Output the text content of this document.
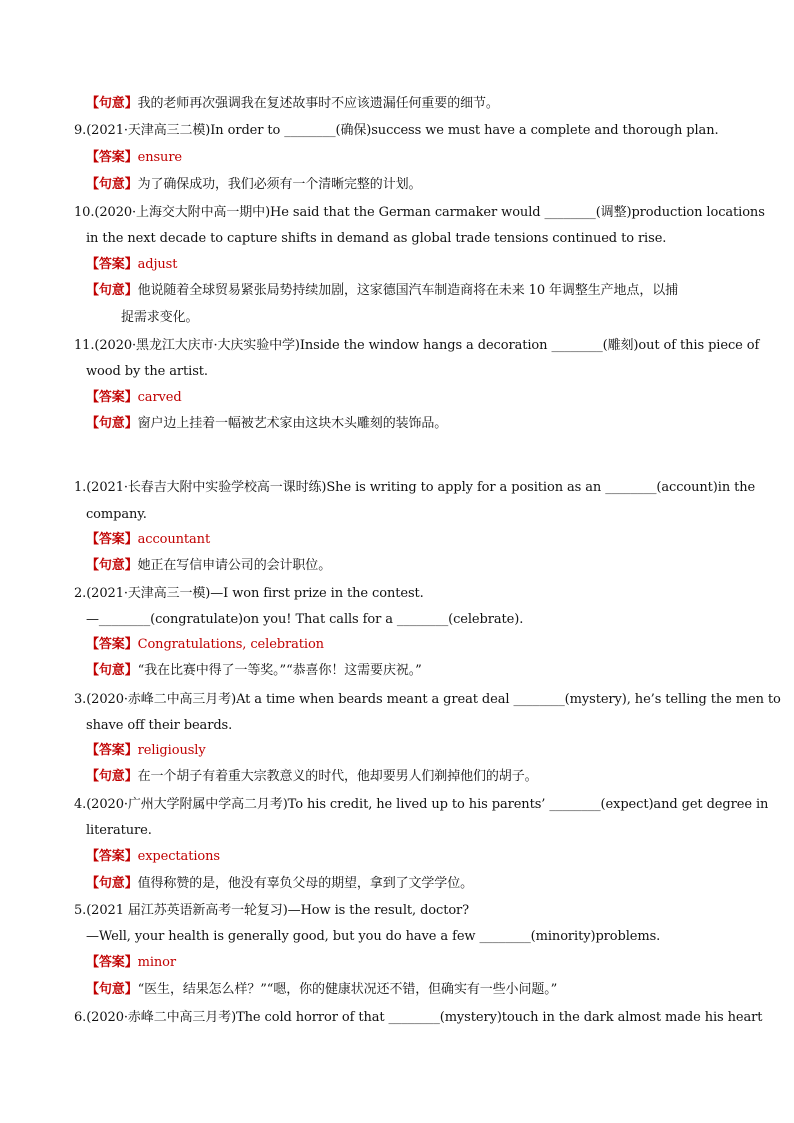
【句意】我的老师再次强调我在复述故事时不应该遗漏任何重要的细节。
9.(2021·天津高三二模)In order to ________(确保)success we must have a complete and thorough plan.
【答案】ensure
【句意】为了确保成功，我们必须有一个清晰完整的计划。
10.(2020·上海交大附中高一期中)He said that the German carmaker would ________(调整)production locations
in the next decade to capture shifts in demand as global trade tensions continued to rise.
【答案】adjust
【句意】他说随着全球贸易紧张局势持续加剧，这家德国汽车制造商将在未来 10 年调整生产地点，以捕
捉需求变化。
11.(2020·黑龙江大庆市·大庆实验中学)Inside the window hangs a decoration ________(雕刻)out of this piece of
wood by the artist.
【答案】carved
【句意】窗户边上挂着一幅被艺术家由这块木头雕刻的装饰品。
1.(2021·长春吉大附中实验学校高一课时练)She is writing to apply for a position as an ________(account)in the
company.
【答案】accountant
【句意】她正在写信申请公司的会计职位。
2.(2021·天津高三一模)—I won first prize in the contest.
—________(congratulate)on you! That calls for a ________(celebrate).
【答案】Congratulations, celebration
【句意】“我在比赛中得了一等奖。”“恭喜你！这需要庆祝。”
3.(2020·赤峰二中高三月考)At a time when beards meant a great deal ________(mystery), he’s telling the men to
shave off their beards.
【答案】religiously
【句意】在一个胡子有着重大宗教意义的时代，他却要男人们剃掉他们的胡子。
4.(2020·广州大学附属中学高二月考)To his credit, he lived up to his parents’ ________(expect)and get degree in
literature.
【答案】expectations
【句意】值得称赞的是，他没有辜负父母的期望，拿到了文学学位。
5.(2021 届江苏英语新高考一轮复习)—How is the result, doctor?
—Well, your health is generally good, but you do have a few ________(minority)problems.
【答案】minor
【句意】“医生，结果怎么样？”“嗯，你的健康状况还不错，但确实有一些小问题。”
6.(2020·赤峰二中高三月考)The cold horror of that ________(mystery)touch in the dark almost made his heart
